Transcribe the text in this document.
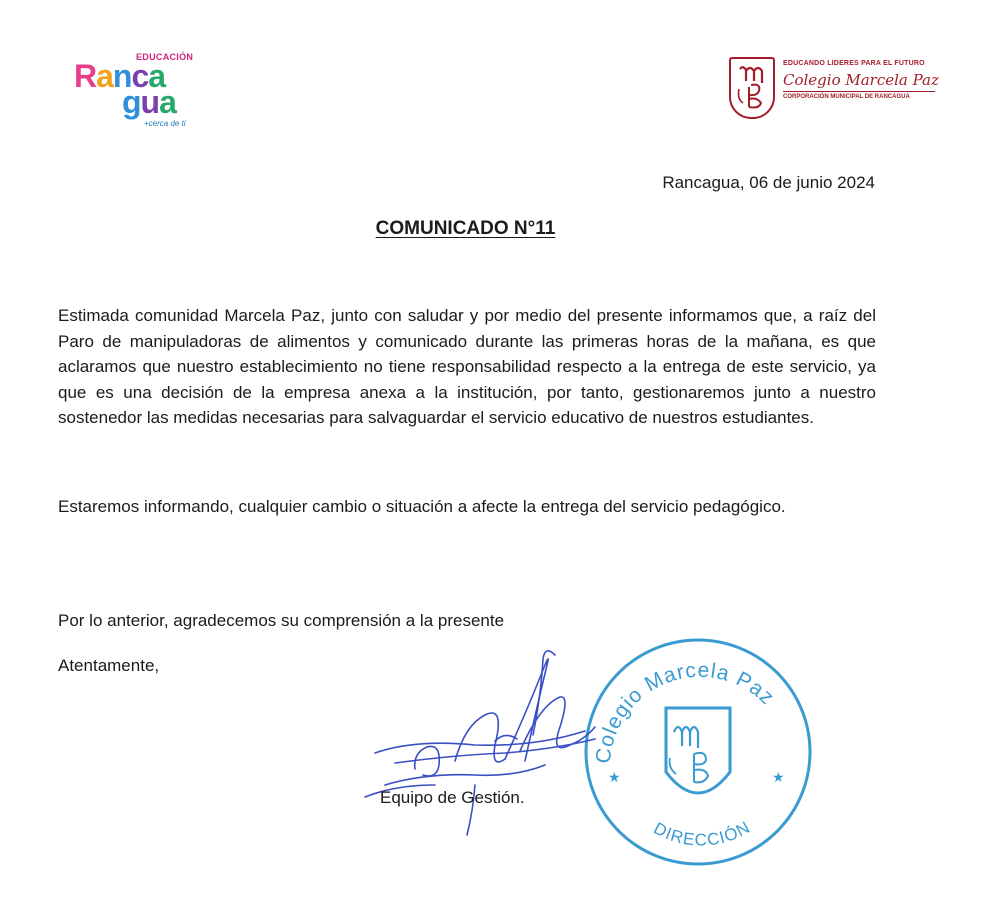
EDUCACIÓN
Ranca
gua
+cerca de ti
EDUCANDO LIDERES PARA EL FUTURO
Colegio Marcela Paz
CORPORACIÓN MUNICIPAL DE RANCAGUA
Rancagua, 06 de junio 2024
COMUNICADO N°11

Estimada comunidad Marcela Paz, junto con saludar y por medio del presente informamos que, a raíz del Paro de manipuladoras de alimentos y comunicado durante las primeras horas de la mañana, es que aclaramos que nuestro establecimiento no tiene responsabilidad respecto a la entrega de este servicio, ya que es una decisión de la empresa anexa a la institución, por tanto, gestionaremos junto a nuestro sostenedor las medidas necesarias para salvaguardar el servicio educativo de nuestros estudiantes.

Estaremos informando, cualquier cambio o situación a afecte la entrega del servicio pedagógico.

Por lo anterior, agradecemos su comprensión a la presente
Atentamente,
★	★
Colegio Marcela Paz
DIRECCIÓN
Equipo de Gestión.
